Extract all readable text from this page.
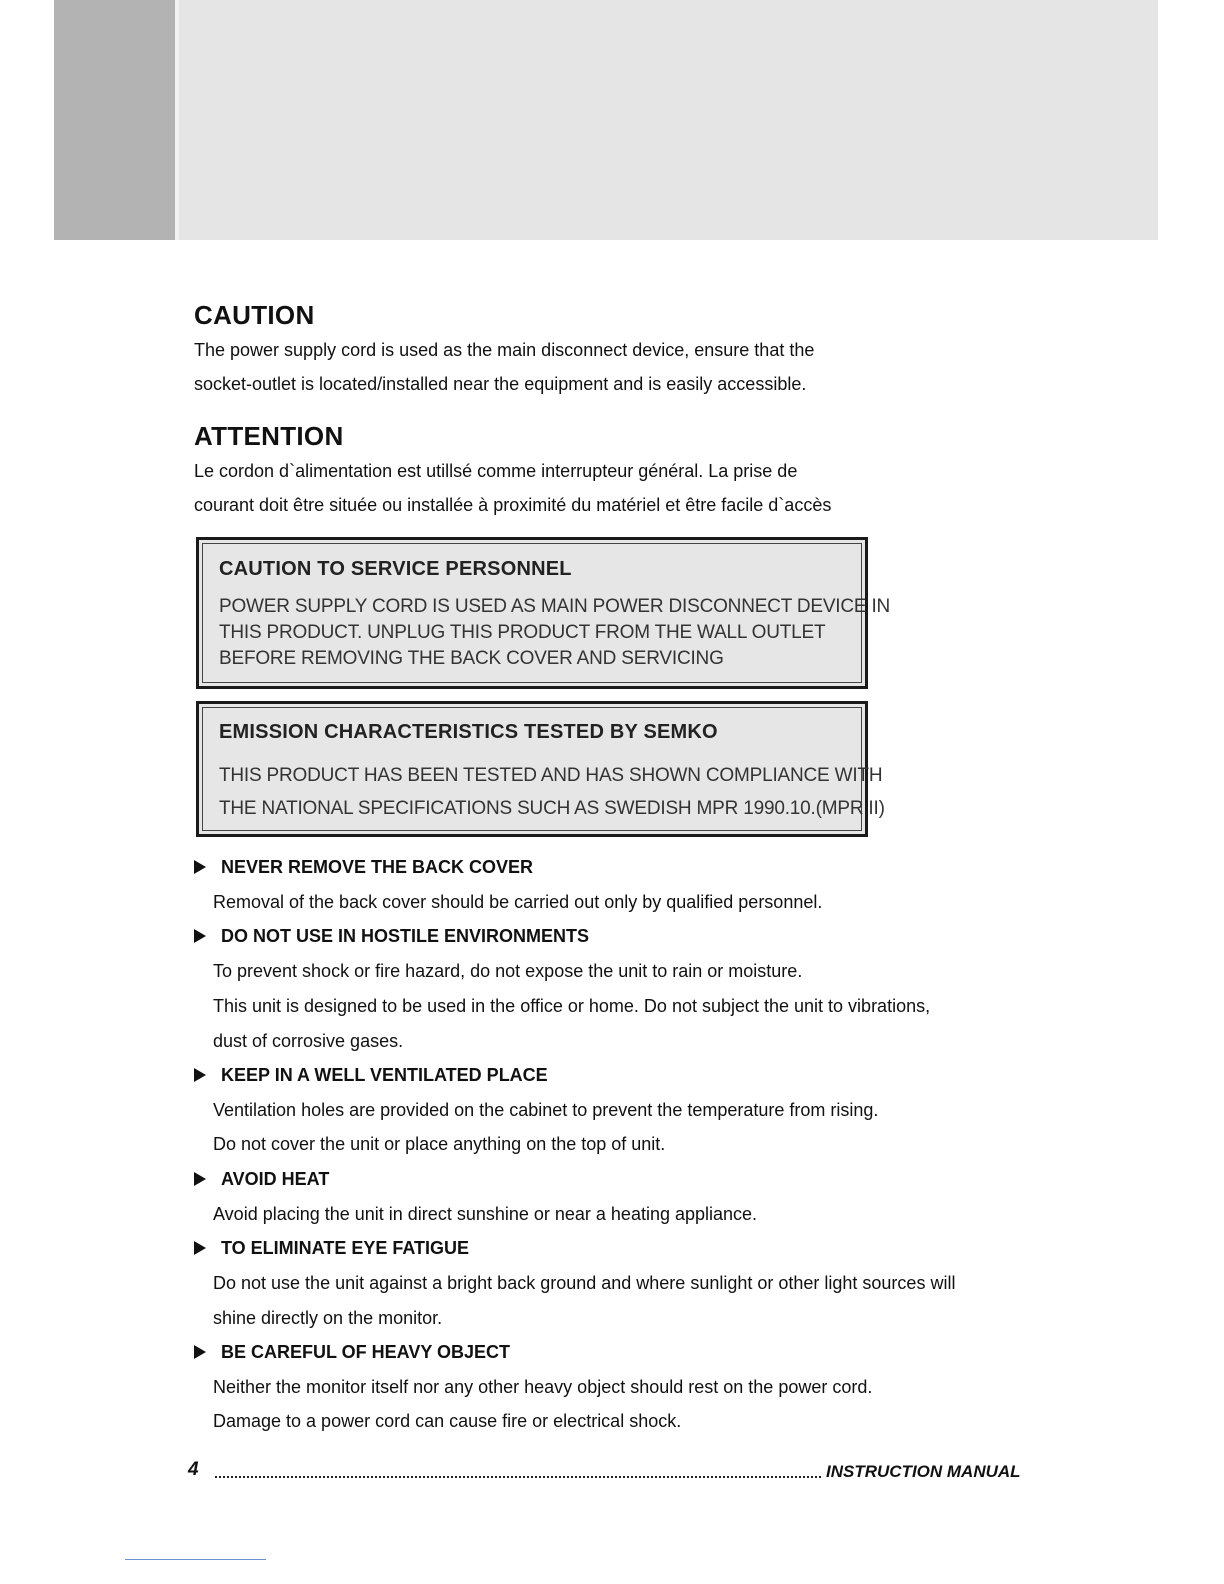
CAUTION

The power supply cord is used as the main disconnect device, ensure that the

socket-outlet is located/installed near the equipment and is easily accessible.

ATTENTION

Le cordon d`alimentation est utillsé comme interrupteur général. La prise de

courant doit être située ou installée à proximité du matériel et être facile d`accès

CAUTION TO SERVICE PERSONNEL

POWER SUPPLY CORD IS USED AS MAIN POWER DISCONNECT DEVICE IN

THIS PRODUCT. UNPLUG THIS PRODUCT FROM THE WALL OUTLET

BEFORE REMOVING THE BACK COVER AND SERVICING

EMISSION CHARACTERISTICS TESTED BY SEMKO

THIS PRODUCT HAS BEEN TESTED AND HAS SHOWN COMPLIANCE WITH

THE NATIONAL SPECIFICATIONS SUCH AS SWEDISH MPR 1990.10.(MPR II)

NEVER REMOVE THE BACK COVER

Removal of the back cover should be carried out only by qualified personnel.

DO NOT USE IN HOSTILE ENVIRONMENTS

To prevent shock or fire hazard, do not expose the unit to rain or moisture.

This unit is designed to be used in the office or home. Do not subject the unit to vibrations,

dust of corrosive gases.

KEEP IN A WELL VENTILATED PLACE

Ventilation holes are provided on the cabinet to prevent the temperature from rising.

Do not cover the unit or place anything on the top of unit.

AVOID HEAT

Avoid placing the unit in direct sunshine or near a heating appliance.

TO ELIMINATE EYE FATIGUE

Do not use the unit against a bright back ground and where sunlight or other light sources will

shine directly on the monitor.

BE CAREFUL OF HEAVY OBJECT

Neither the monitor itself nor any other heavy object should rest on the power cord.

Damage to a power cord can cause fire or electrical shock.

4	INSTRUCTION MANUAL
